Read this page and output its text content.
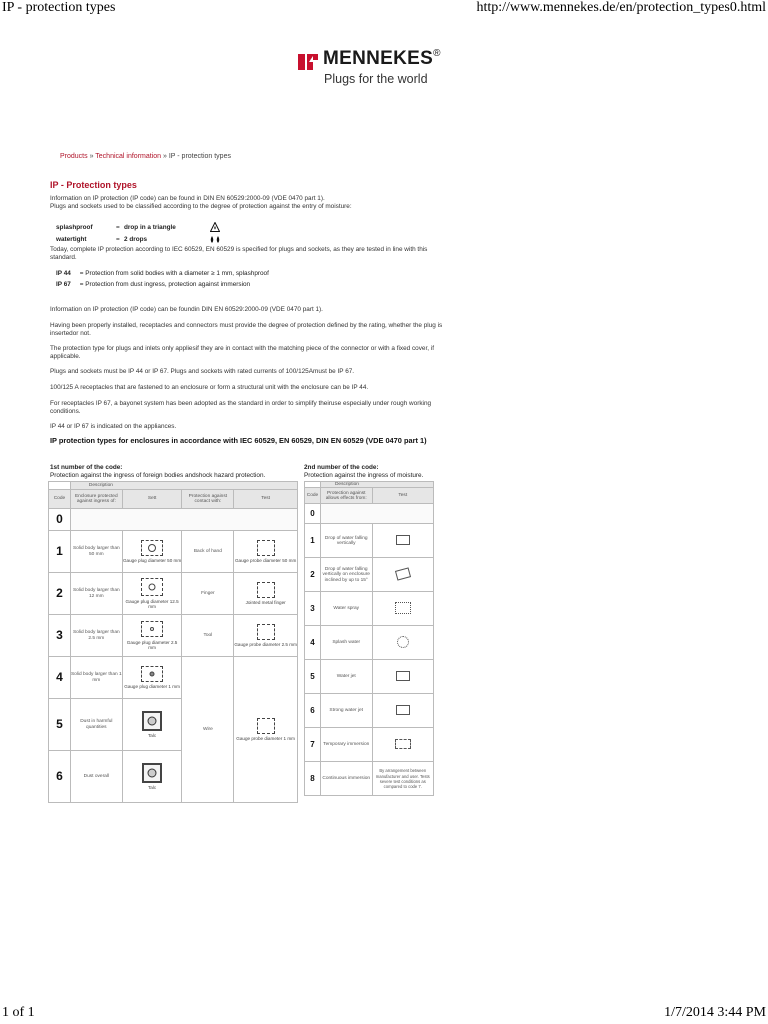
IP - protection types	http://www.mennekes.de/en/protection_types0.html
1 of 1	1/7/2014 3:44 PM
MENNEKES®
Plugs for the world
Products » Technical information » IP - protection types
IP - Protection types
Information on IP protection (IP code) can be found in DIN EN 60529:2000-09 (VDE 0470 part 1).
Plugs and sockets used to be classified according to the degree of protection against the entry of moisture:
splashproof	= drop in a triangle
watertight	= 2 drops
Today, complete IP protection according to IEC 60529, EN 60529 is specified for plugs and sockets, as they are tested in line with this standard.
IP 44 = Protection from solid bodies with a diameter ≥ 1 mm, splashproof
IP 67 = Protection from dust ingress, protection against immersion
Information on IP protection (IP code) can be foundin DIN EN 60529:2000-09 (VDE 0470 part 1).
Having been properly installed, receptacles and connectors must provide the degree of protection defined by the rating, whether the plug is insertedor not.
The protection type for plugs and inlets only appliesif they are in contact with the matching piece of the connector or with a fixed cover, if applicable.
Plugs and sockets must be IP 44 or IP 67. Plugs and sockets with rated currents of 100/125Amust be IP 67.
100/125 A receptacles that are fastened to an enclosure or form a structural unit with the enclosure can be IP 44.
For receptacles IP 67, a bayonet system has been adopted as the standard in order to simplify theiruse especially under rough working conditions.
IP 44 or IP 67 is indicated on the appliances.
IP protection types for enclosures in accordance with IEC 60529, EN 60529, DIN EN 60529 (VDE 0470 part 1)
1st number of the code:
Protection against the ingress of foreign bodies andshock hazard protection.
2nd number of the code:
Protection against the ingress of moisture.
	Description			
Code	Enclosure protected against ingress of:	Sett	Protection against contact with:	Test
0				
1	Solid body larger than 50 mm	Gauge plug diameter 50 mm	Back of hand	Gauge probe diameter 50 mm

2	Solid body larger than 12 mm	Gauge plug diameter 12.5 mm	Finger	Jointed metal finger

3	Solid body larger than 2.5 mm	Gauge plug diameter 2.5 mm	Tool	Gauge probe diameter 2.5 mm

4	Solid body larger than 1 mm	Gauge plug diameter 1 mm	Wire	Gauge probe diameter 1 mm

5	Dust in harmful quantities	Talc		

6	Dust overall	Talc		
	Description	
Code	Protection against allows effects from:	Test
0		
1	Drop of water falling vertically	
2	Drop of water falling vertically on enclosure inclined by up to 15°	
3	Water spray	
4	Splash water	
5	Water jet	
6	Strong water jet	
7	Temporary immersion	
8	Continuous immersion	By arrangement between manufacturer and user. Tests severe test conditions as compared to code 7.
